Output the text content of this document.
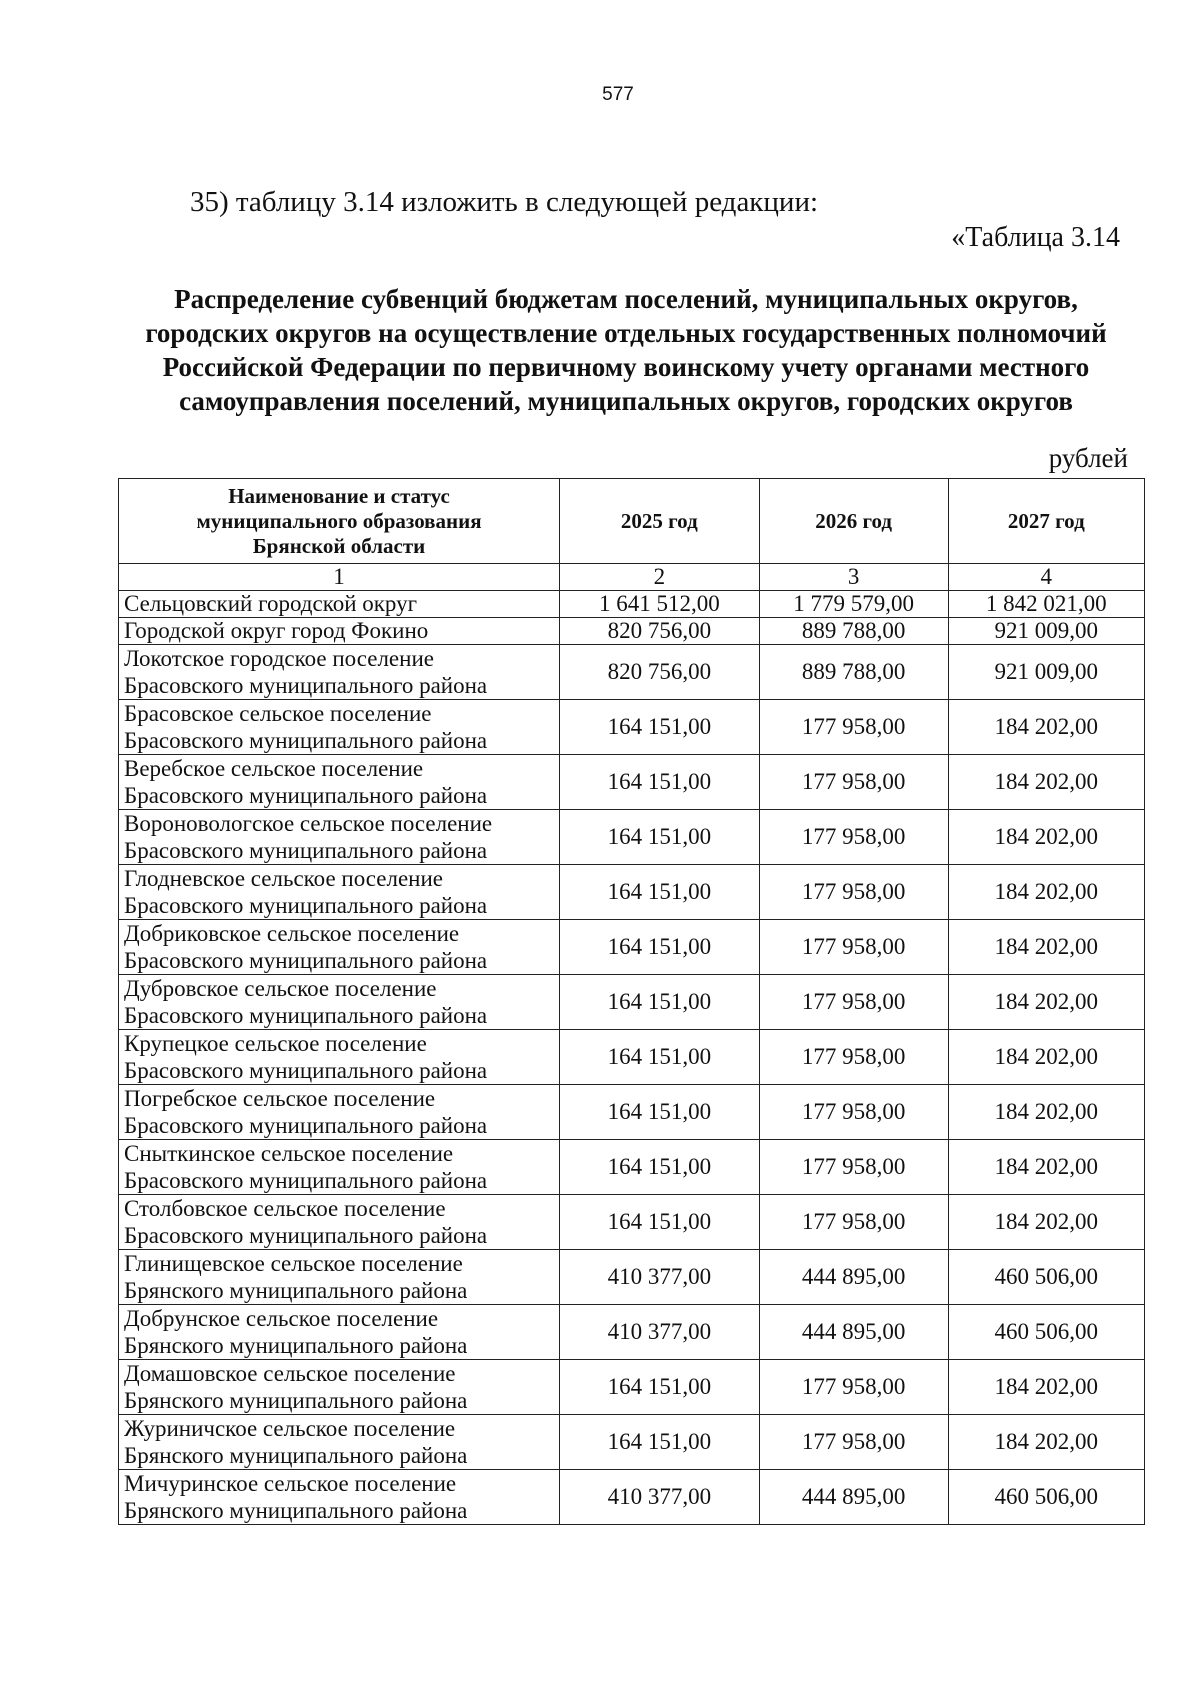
577
35) таблицу 3.14 изложить в следующей редакции:
«Таблица 3.14
Распределение субвенций бюджетам поселений, муниципальных округов,
городских округов на осуществление отдельных государственных полномочий
Российской Федерации по первичному воинскому учету органами местного
самоуправления поселений, муниципальных округов, городских округов
рублей
Наименование и статус
муниципального образования
Брянской области	2025 год	2026 год	2027 год
1	2	3	4

Сельцовский городской округ	1 641 512,00	1 779 579,00	1 842 021,00

Городской округ город Фокино	820 756,00	889 788,00	921 009,00

Локотское городское поселение
Брасовского муниципального района	820 756,00	889 788,00	921 009,00

Брасовское сельское поселение
Брасовского муниципального района	164 151,00	177 958,00	184 202,00

Веребское сельское поселение
Брасовского муниципального района	164 151,00	177 958,00	184 202,00

Вороновологское сельское поселение
Брасовского муниципального района	164 151,00	177 958,00	184 202,00

Глодневское сельское поселение
Брасовского муниципального района	164 151,00	177 958,00	184 202,00

Добриковское сельское поселение
Брасовского муниципального района	164 151,00	177 958,00	184 202,00

Дубровское сельское поселение
Брасовского муниципального района	164 151,00	177 958,00	184 202,00

Крупецкое сельское поселение
Брасовского муниципального района	164 151,00	177 958,00	184 202,00

Погребское сельское поселение
Брасовского муниципального района	164 151,00	177 958,00	184 202,00

Сныткинское сельское поселение
Брасовского муниципального района	164 151,00	177 958,00	184 202,00

Столбовское сельское поселение
Брасовского муниципального района	164 151,00	177 958,00	184 202,00

Глинищевское сельское поселение
Брянского муниципального района	410 377,00	444 895,00	460 506,00

Добрунское сельское поселение
Брянского муниципального района	410 377,00	444 895,00	460 506,00

Домашовское сельское поселение
Брянского муниципального района	164 151,00	177 958,00	184 202,00

Журиничское сельское поселение
Брянского муниципального района	164 151,00	177 958,00	184 202,00

Мичуринское сельское поселение
Брянского муниципального района	410 377,00	444 895,00	460 506,00
